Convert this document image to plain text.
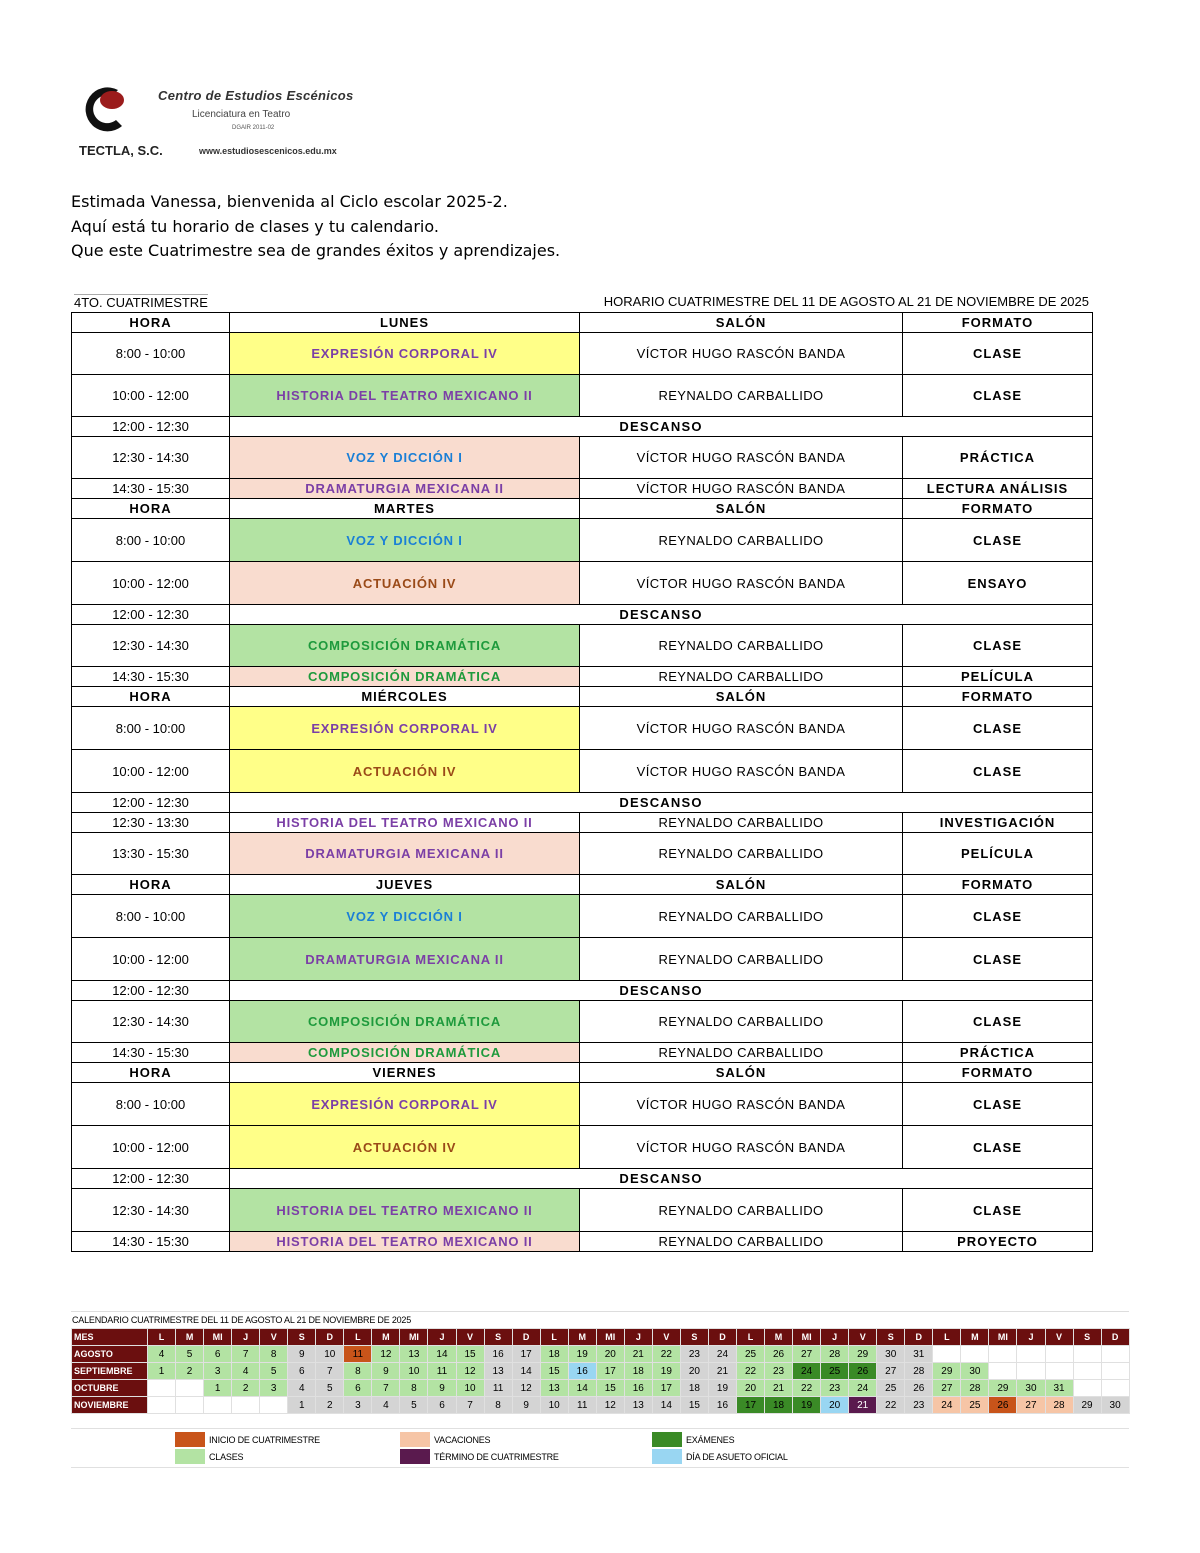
Centro de Estudios Escénicos
Licenciatura en Teatro
DGAIR 2011-02
TECTLA, S.C.	www.estudiosescenicos.edu.mx
Estimada Vanessa, bienvenida al Ciclo escolar 2025-2.
Aquí está tu horario de clases y tu calendario.
Que este Cuatrimestre sea de grandes éxitos y aprendizajes.
4TO. CUATRIMESTRE	HORARIO CUATRIMESTRE DEL 11 DE AGOSTO AL 21 DE NOVIEMBRE DE 2025
HORA	LUNES	SALÓN	FORMATO
8:00 - 10:00	EXPRESIÓN CORPORAL IV	VÍCTOR HUGO RASCÓN BANDA	CLASE
10:00 - 12:00	HISTORIA DEL TEATRO MEXICANO II	REYNALDO CARBALLIDO	CLASE
12:00 - 12:30	DESCANSO		
12:30 - 14:30	VOZ Y DICCIÓN I	VÍCTOR HUGO RASCÓN BANDA	PRÁCTICA
14:30 - 15:30	DRAMATURGIA MEXICANA II	VÍCTOR HUGO RASCÓN BANDA	LECTURA ANÁLISIS
HORA	MARTES	SALÓN	FORMATO
8:00 - 10:00	VOZ Y DICCIÓN I	REYNALDO CARBALLIDO	CLASE
10:00 - 12:00	ACTUACIÓN IV	VÍCTOR HUGO RASCÓN BANDA	ENSAYO
12:00 - 12:30	DESCANSO		
12:30 - 14:30	COMPOSICIÓN DRAMÁTICA	REYNALDO CARBALLIDO	CLASE
14:30 - 15:30	COMPOSICIÓN DRAMÁTICA	REYNALDO CARBALLIDO	PELÍCULA
HORA	MIÉRCOLES	SALÓN	FORMATO
8:00 - 10:00	EXPRESIÓN CORPORAL IV	VÍCTOR HUGO RASCÓN BANDA	CLASE
10:00 - 12:00	ACTUACIÓN IV	VÍCTOR HUGO RASCÓN BANDA	CLASE
12:00 - 12:30	DESCANSO		
12:30 - 13:30	HISTORIA DEL TEATRO MEXICANO II	REYNALDO CARBALLIDO	INVESTIGACIÓN
13:30 - 15:30	DRAMATURGIA MEXICANA II	REYNALDO CARBALLIDO	PELÍCULA
HORA	JUEVES	SALÓN	FORMATO
8:00 - 10:00	VOZ Y DICCIÓN I	REYNALDO CARBALLIDO	CLASE
10:00 - 12:00	DRAMATURGIA MEXICANA II	REYNALDO CARBALLIDO	CLASE
12:00 - 12:30	DESCANSO		
12:30 - 14:30	COMPOSICIÓN DRAMÁTICA	REYNALDO CARBALLIDO	CLASE
14:30 - 15:30	COMPOSICIÓN DRAMÁTICA	REYNALDO CARBALLIDO	PRÁCTICA
HORA	VIERNES	SALÓN	FORMATO
8:00 - 10:00	EXPRESIÓN CORPORAL IV	VÍCTOR HUGO RASCÓN BANDA	CLASE
10:00 - 12:00	ACTUACIÓN IV	VÍCTOR HUGO RASCÓN BANDA	CLASE
12:00 - 12:30	DESCANSO		
12:30 - 14:30	HISTORIA DEL TEATRO MEXICANO II	REYNALDO CARBALLIDO	CLASE
14:30 - 15:30	HISTORIA DEL TEATRO MEXICANO II	REYNALDO CARBALLIDO	PROYECTO
CALENDARIO CUATRIMESTRE DEL 11 DE AGOSTO AL 21 DE NOVIEMBRE DE 2025
MES	L	M	MI	J	V	S	D	L	M	MI	J	V	S	D	L	M	MI	J	V	S	D	L	M	MI	J	V	S	D	L	M	MI	J	V	S	D
AGOSTO	4	5	6	7	8	9	10	11	12	13	14	15	16	17	18	19	20	21	22	23	24	25	26	27	28	29	30	31							
SEPTIEMBRE	1	2	3	4	5	6	7	8	9	10	11	12	13	14	15	16	17	18	19	20	21	22	23	24	25	26	27	28	29	30					
OCTUBRE			1	2	3	4	5	6	7	8	9	10	11	12	13	14	15	16	17	18	19	20	21	22	23	24	25	26	27	28	29	30	31		
NOVIEMBRE						1	2	3	4	5	6	7	8	9	10	11	12	13	14	15	16	17	18	19	20	21	22	23	24	25	26	27	28	29	30
INICIO DE CUATRIMESTRE	VACACIONES	EXÁMENES
CLASES	TÉRMINO DE CUATRIMESTRE	DÍA DE ASUETO OFICIAL
